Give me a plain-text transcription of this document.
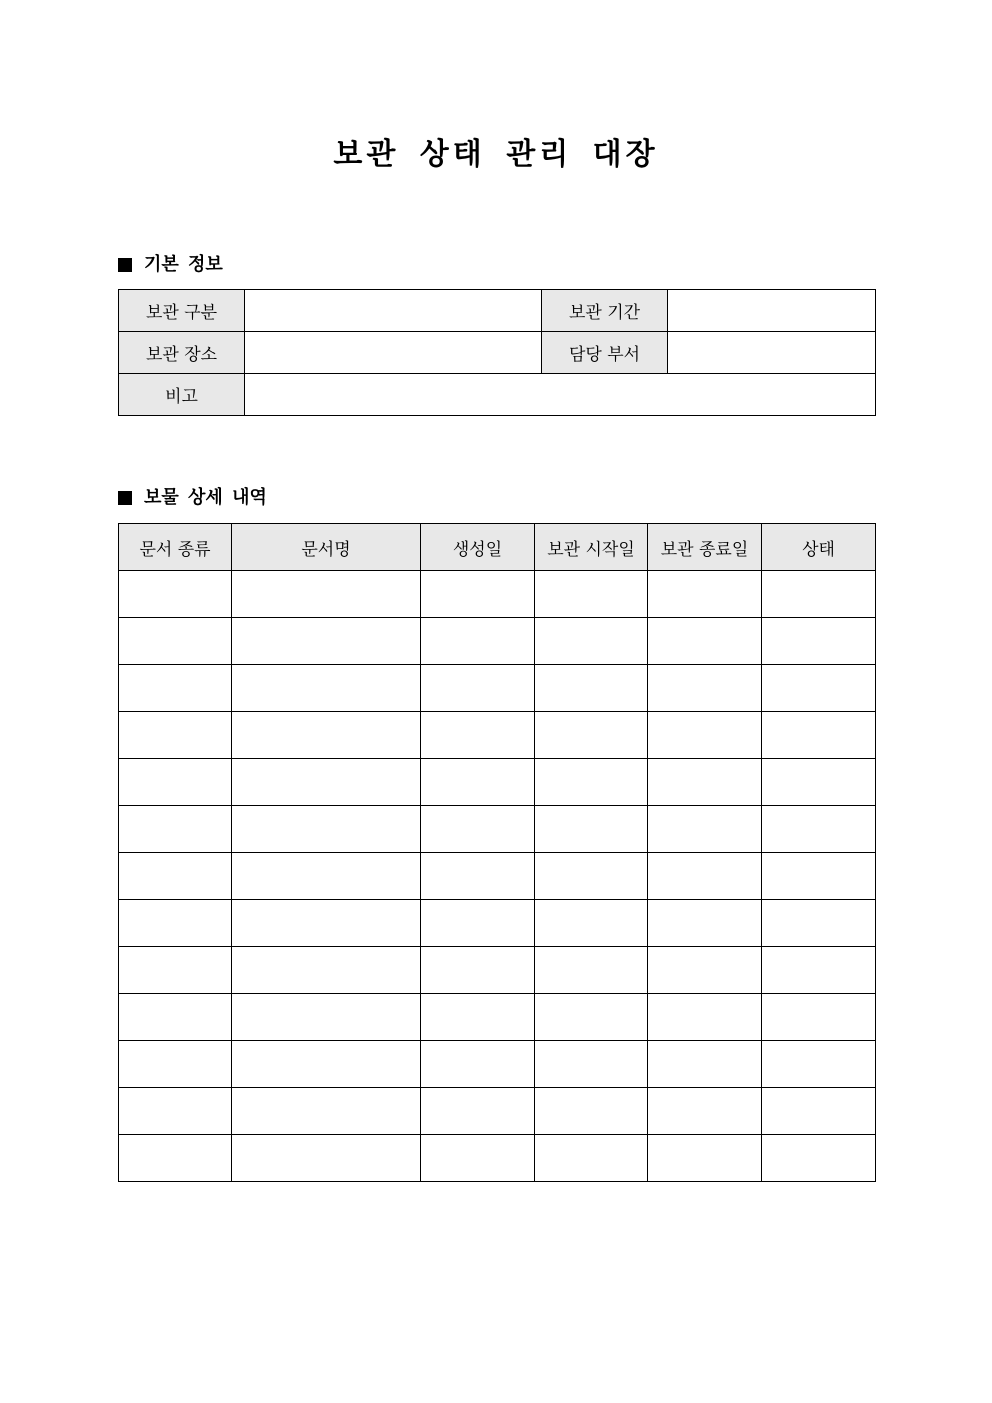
보관 상태 관리 대장
기본 정보
보관 구분		보관 기간	
보관 장소		담당 부서	
비고			
보물 상세 내역
문서 종류	문서명	생성일	보관 시작일	보관 종료일	상태
